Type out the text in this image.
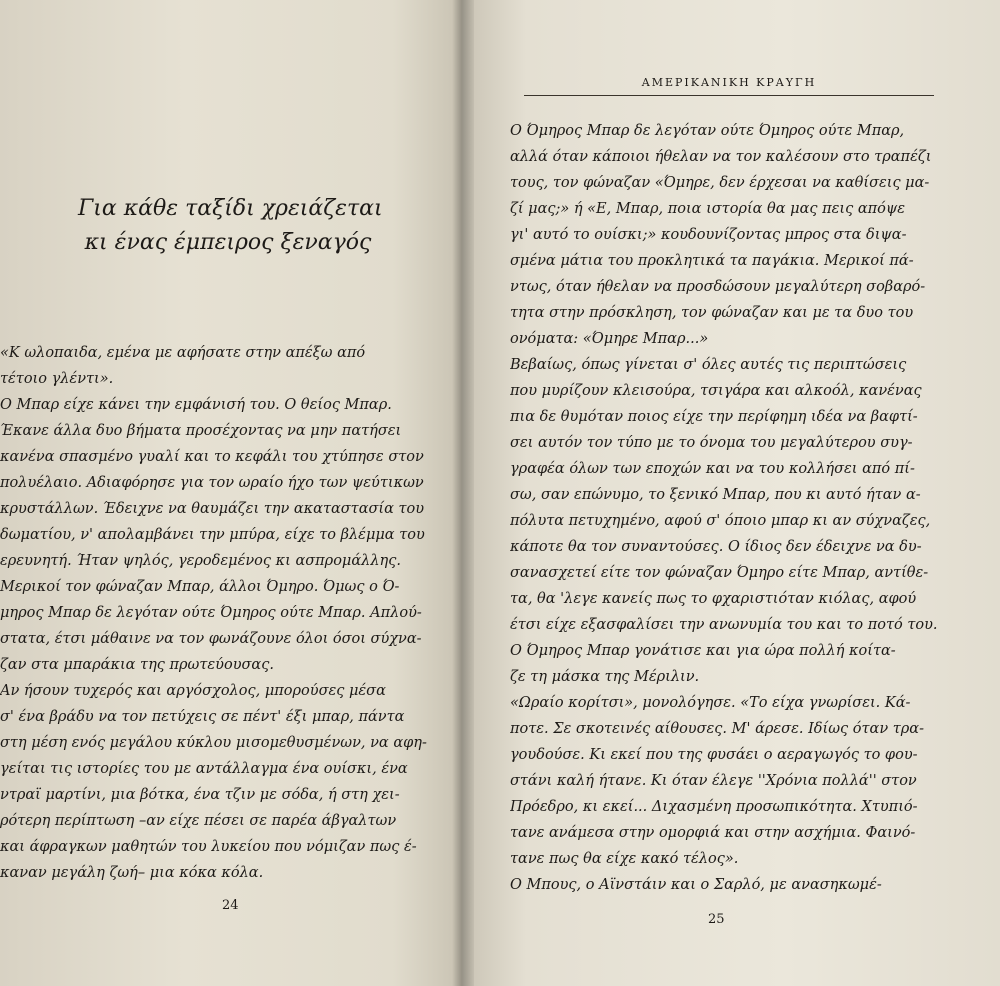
Για κάθε ταξίδι χρειάζεται
κι ένας έμπειρος ξεναγός
«Κ ωλοπαιδα, εμένα με αφήσατε στην απέξω από
τέτοιο γλέντι».
Ο Μπαρ είχε κάνει την εμφάνισή του. Ο θείος Μπαρ.
Έκανε άλλα δυο βήματα προσέχοντας να μην πατήσει
κανένα σπασμένο γυαλί και το κεφάλι του χτύπησε στον
πολυέλαιο. Αδιαφόρησε για τον ωραίο ήχο των ψεύτικων
κρυστάλλων. Έδειχνε να θαυμάζει την ακαταστασία του
δωματίου, ν' απολαμβάνει την μπύρα, είχε το βλέμμα του
ερευνητή. Ήταν ψηλός, γεροδεμένος κι ασπρομάλλης.
Μερικοί τον φώναζαν Μπαρ, άλλοι Όμηρο. Όμως ο Ό-
μηρος Μπαρ δε λεγόταν ούτε Όμηρος ούτε Μπαρ. Απλού-
στατα, έτσι μάθαινε να τον φωνάζουνε όλοι όσοι σύχνα-
ζαν στα μπαράκια της πρωτεύουσας.
Αν ήσουν τυχερός και αργόσχολος, μπορούσες μέσα
σ' ένα βράδυ να τον πετύχεις σε πέντ' έξι μπαρ, πάντα
στη μέση ενός μεγάλου κύκλου μισομεθυσμένων, να αφη-
γείται τις ιστορίες του με αντάλλαγμα ένα ουίσκι, ένα
ντραϊ μαρτίνι, μια βότκα, ένα τζιν με σόδα, ή στη χει-
ρότερη περίπτωση –αν είχε πέσει σε παρέα άβγαλτων
και άφραγκων μαθητών του λυκείου που νόμιζαν πως έ-
καναν μεγάλη ζωή– μια κόκα κόλα.
24
ΑΜΕΡΙΚΑΝΙΚΗ ΚΡΑΥΓΗ
Ο Όμηρος Μπαρ δε λεγόταν ούτε Όμηρος ούτε Μπαρ,
αλλά όταν κάποιοι ήθελαν να τον καλέσουν στο τραπέζι
τους, τον φώναζαν «Όμηρε, δεν έρχεσαι να καθίσεις μα-
ζί μας;» ή «Ε, Μπαρ, ποια ιστορία θα μας πεις απόψε
γι' αυτό το ουίσκι;» κουδουνίζοντας μπρος στα διψα-
σμένα μάτια του προκλητικά τα παγάκια. Μερικοί πά-
ντως, όταν ήθελαν να προσδώσουν μεγαλύτερη σοβαρό-
τητα στην πρόσκληση, τον φώναζαν και με τα δυο του
ονόματα: «Όμηρε Μπαρ...»
Βεβαίως, όπως γίνεται σ' όλες αυτές τις περιπτώσεις
που μυρίζουν κλεισούρα, τσιγάρα και αλκοόλ, κανένας
πια δε θυμόταν ποιος είχε την περίφημη ιδέα να βαφτί-
σει αυτόν τον τύπο με το όνομα του μεγαλύτερου συγ-
γραφέα όλων των εποχών και να του κολλήσει από πί-
σω, σαν επώνυμο, το ξενικό Μπαρ, που κι αυτό ήταν α-
πόλυτα πετυχημένο, αφού σ' όποιο μπαρ κι αν σύχναζες,
κάποτε θα τον συναντούσες. Ο ίδιος δεν έδειχνε να δυ-
σανασχετεί είτε τον φώναζαν Όμηρο είτε Μπαρ, αντίθε-
τα, θα 'λεγε κανείς πως το φχαριστιόταν κιόλας, αφού
έτσι είχε εξασφαλίσει την ανωνυμία του και το ποτό του.
Ο Όμηρος Μπαρ γονάτισε και για ώρα πολλή κοίτα-
ζε τη μάσκα της Μέριλιν.
«Ωραίο κορίτσι», μονολόγησε. «Το είχα γνωρίσει. Κά-
ποτε. Σε σκοτεινές αίθουσες. Μ' άρεσε. Ιδίως όταν τρα-
γουδούσε. Κι εκεί που της φυσάει ο αεραγωγός το φου-
στάνι καλή ήτανε. Κι όταν έλεγε ''Χρόνια πολλά'' στον
Πρόεδρο, κι εκεί... Διχασμένη προσωπικότητα. Χτυπιό-
τανε ανάμεσα στην ομορφιά και στην ασχήμια. Φαινό-
τανε πως θα είχε κακό τέλος».
Ο Μπους, ο Αϊνστάιν και ο Σαρλό, με ανασηκωμέ-
25
